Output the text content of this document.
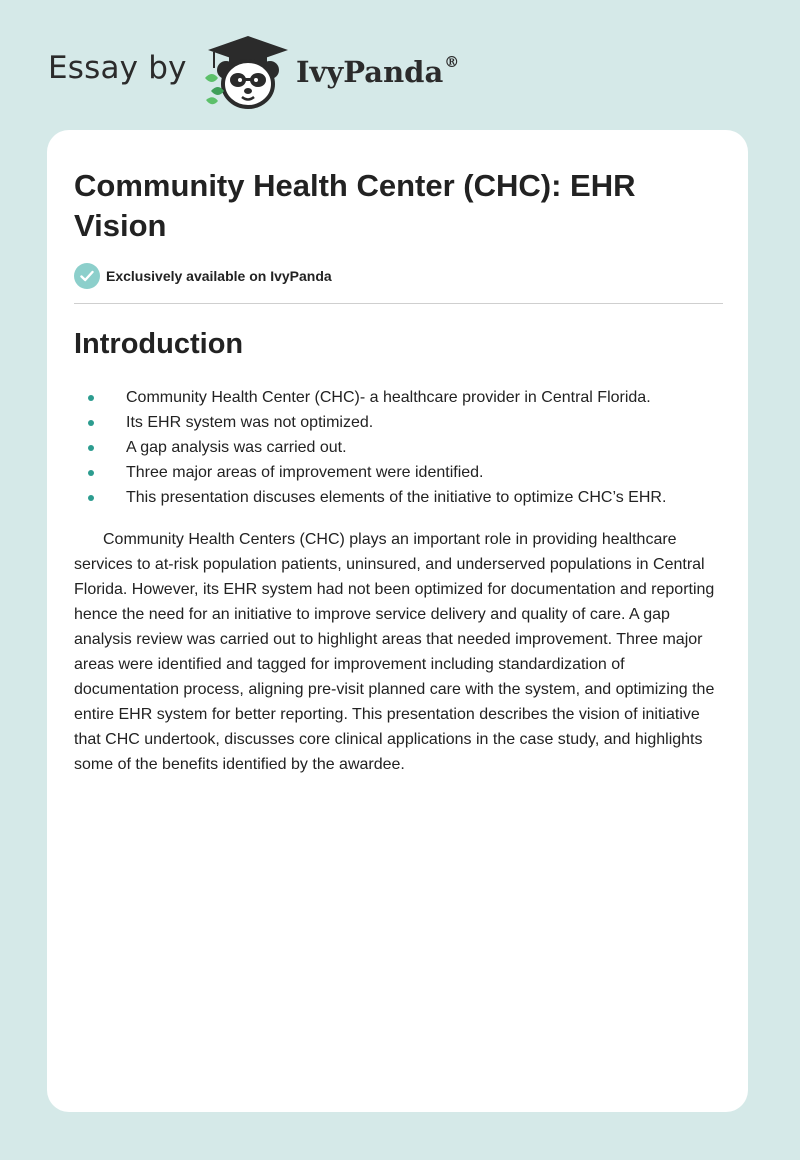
Essay by	IvyPanda®
Community Health Center (CHC): EHR Vision
Exclusively available on IvyPanda
Introduction
Community Health Center (CHC)- a healthcare provider in Central Florida.
Its EHR system was not optimized.
A gap analysis was carried out.
Three major areas of improvement were identified.
This presentation discuses elements of the initiative to optimize CHC’s EHR.

Community Health Centers (CHC) plays an important role in providing healthcare services to at-risk population patients, uninsured, and underserved populations in Central Florida. However, its EHR system had not been optimized for documentation and reporting hence the need for an initiative to improve service delivery and quality of care. A gap analysis review was carried out to highlight areas that needed improvement. Three major areas were identified and tagged for improvement including standardization of documentation process, aligning pre-visit planned care with the system, and optimizing the entire EHR system for better reporting. This presentation describes the vision of initiative that CHC undertook, discusses core clinical applications in the case study, and highlights some of the benefits identified by the awardee.
